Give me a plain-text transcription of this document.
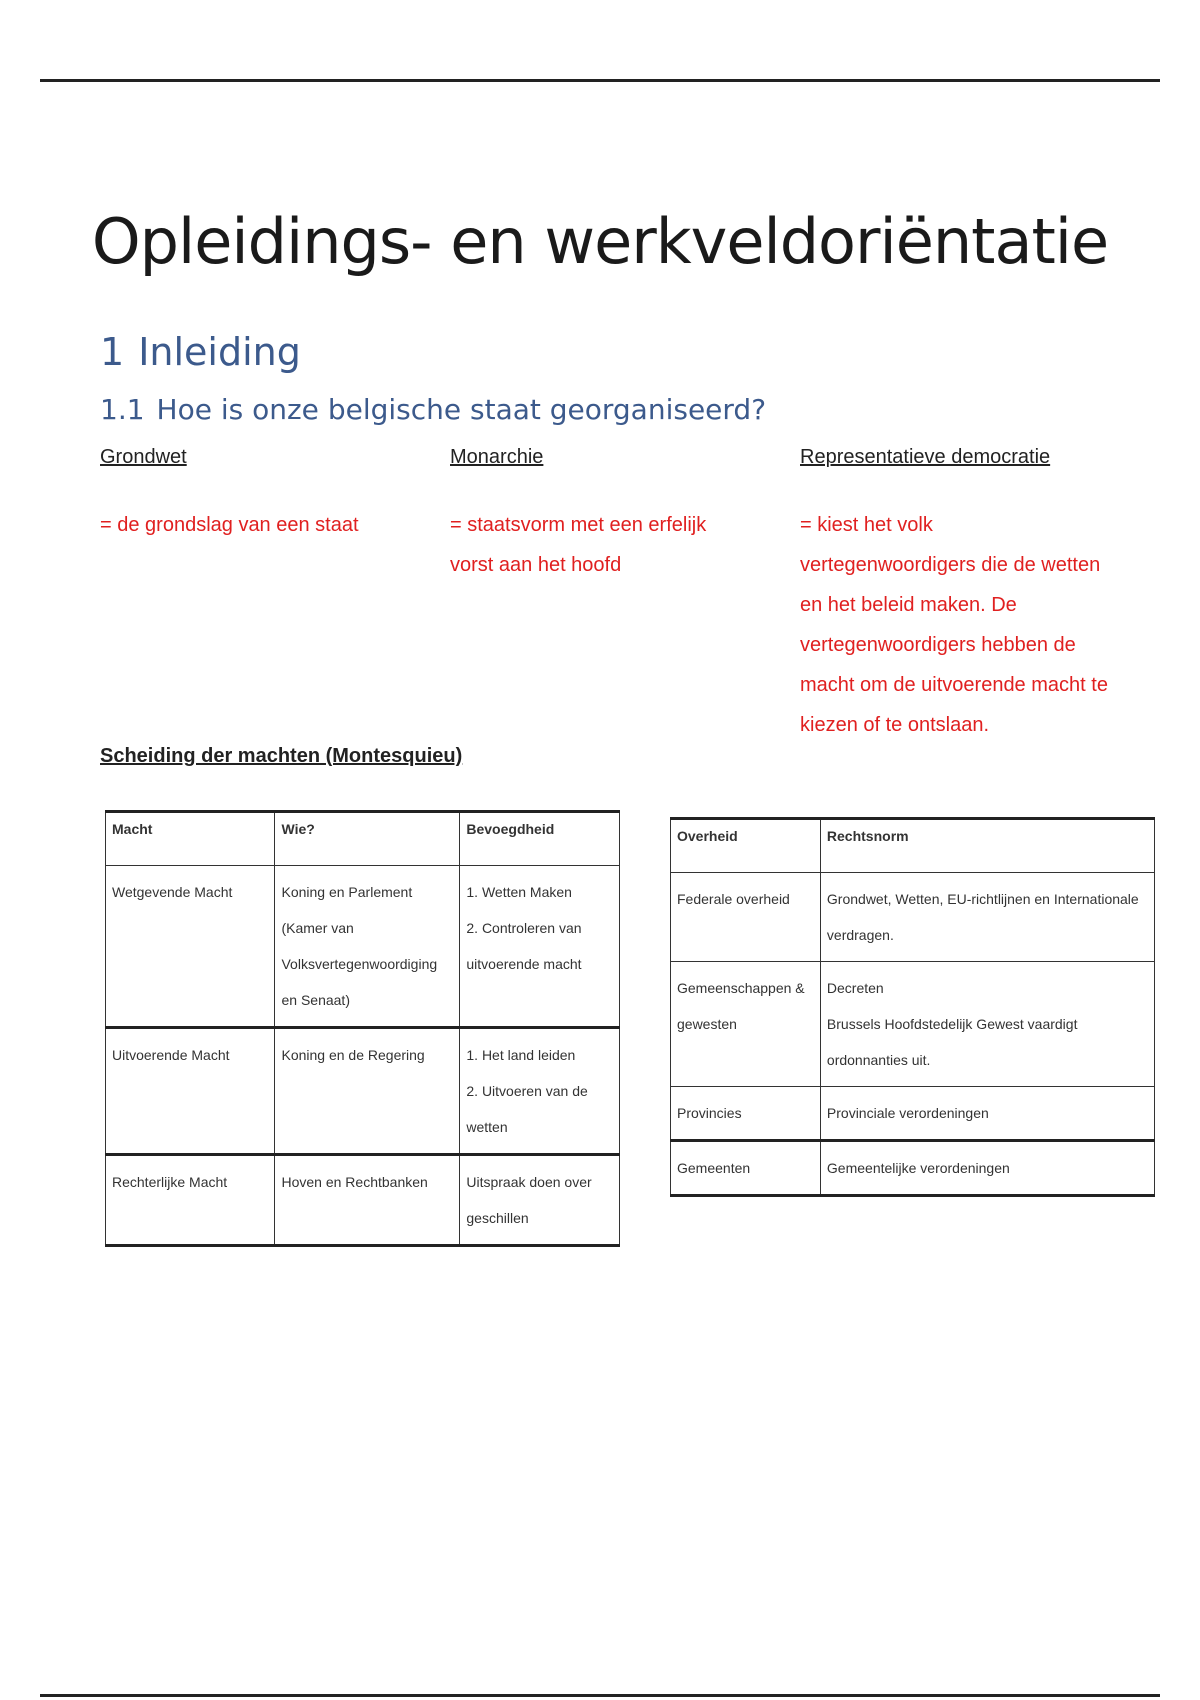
Opleidings- en werkveldoriëntatie
1 Inleiding
1.1 Hoe is onze belgische staat georganiseerd?
Grondwet
= de grondslag van een staat
Monarchie
= staatsvorm met een erfelijk vorst aan het hoofd
Representatieve democratie
= kiest het volk vertegenwoordigers die de wetten en het beleid maken. De vertegenwoordigers hebben de macht om de uitvoerende macht te kiezen of te ontslaan.
Scheiding der machten (Montesquieu)
Macht	Wie?	Bevoegdheid
Wetgevende Macht	Koning en Parlement (Kamer van Volksvertegenwoordiging en Senaat)	1. Wetten Maken
2. Controleren van uitvoerende macht

Uitvoerende Macht	Koning en de Regering	1. Het land leiden
2. Uitvoeren van de wetten

Rechterlijke Macht	Hoven en Rechtbanken	Uitspraak doen over geschillen
Overheid	Rechtsnorm
Federale overheid	Grondwet, Wetten, EU-richtlijnen en Internationale verdragen.

Gemeenschappen & gewesten	Decreten
Brussels Hoofdstedelijk Gewest vaardigt ordonnanties uit.

Provincies	Provinciale verordeningen

Gemeenten	Gemeentelijke verordeningen
